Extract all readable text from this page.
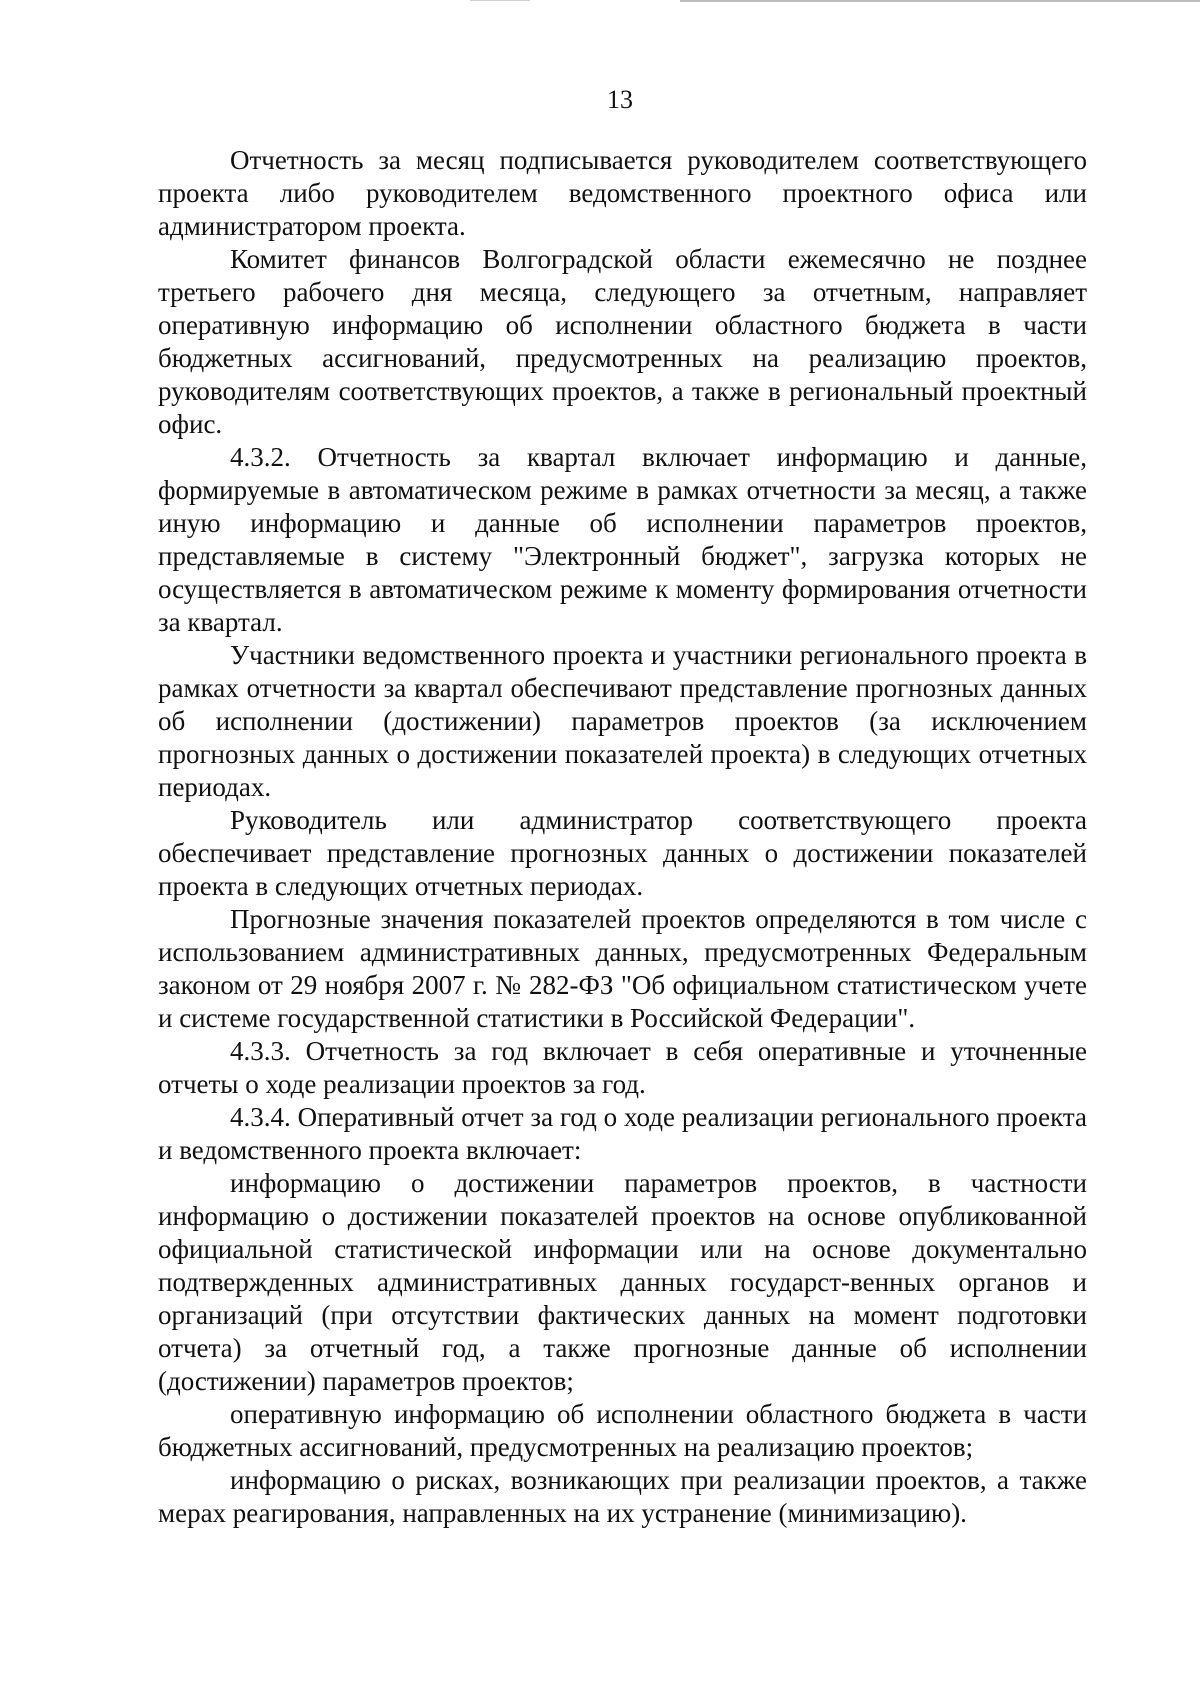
13

Отчетность за месяц подписывается руководителем соответствующего проекта либо руководителем ведомственного проектного офиса или администратором проекта.

Комитет финансов Волгоградской области ежемесячно не позднее третьего рабочего дня месяца, следующего за отчетным, направляет оперативную информацию об исполнении областного бюджета в части бюджетных ассигнований, предусмотренных на реализацию проектов, руководителям соответствующих проектов, а также в региональный проектный офис.

4.3.2. Отчетность за квартал включает информацию и данные, формируемые в автоматическом режиме в рамках отчетности за месяц, а также иную информацию и данные об исполнении параметров проектов, представляемые в систему "Электронный бюджет", загрузка которых не осуществляется в автоматическом режиме к моменту формирования отчетности за квартал.

Участники ведомственного проекта и участники регионального проекта в рамках отчетности за квартал обеспечивают представление прогнозных данных об исполнении (достижении) параметров проектов (за исключением прогнозных данных о достижении показателей проекта) в следующих отчетных периодах.

Руководитель или администратор соответствующего проекта обеспечивает представление прогнозных данных о достижении показателей проекта в следующих отчетных периодах.

Прогнозные значения показателей проектов определяются в том числе с использованием административных данных, предусмотренных Федеральным законом от 29 ноября 2007 г. № 282-ФЗ "Об официальном статистическом учете и системе государственной статистики в Российской Федерации".

4.3.3. Отчетность за год включает в себя оперативные и уточненные отчеты о ходе реализации проектов за год.

4.3.4. Оперативный отчет за год о ходе реализации регионального проекта и ведомственного проекта включает:

информацию о достижении параметров проектов, в частности информацию о достижении показателей проектов на основе опубликованной официальной статистической информации или на основе документально подтвержденных административных данных государст-венных органов и организаций (при отсутствии фактических данных на момент подготовки отчета) за отчетный год, а также прогнозные данные об исполнении (достижении) параметров проектов;

оперативную информацию об исполнении областного бюджета в части бюджетных ассигнований, предусмотренных на реализацию проектов;

информацию о рисках, возникающих при реализации проектов, а также мерах реагирования, направленных на их устранение (минимизацию).
